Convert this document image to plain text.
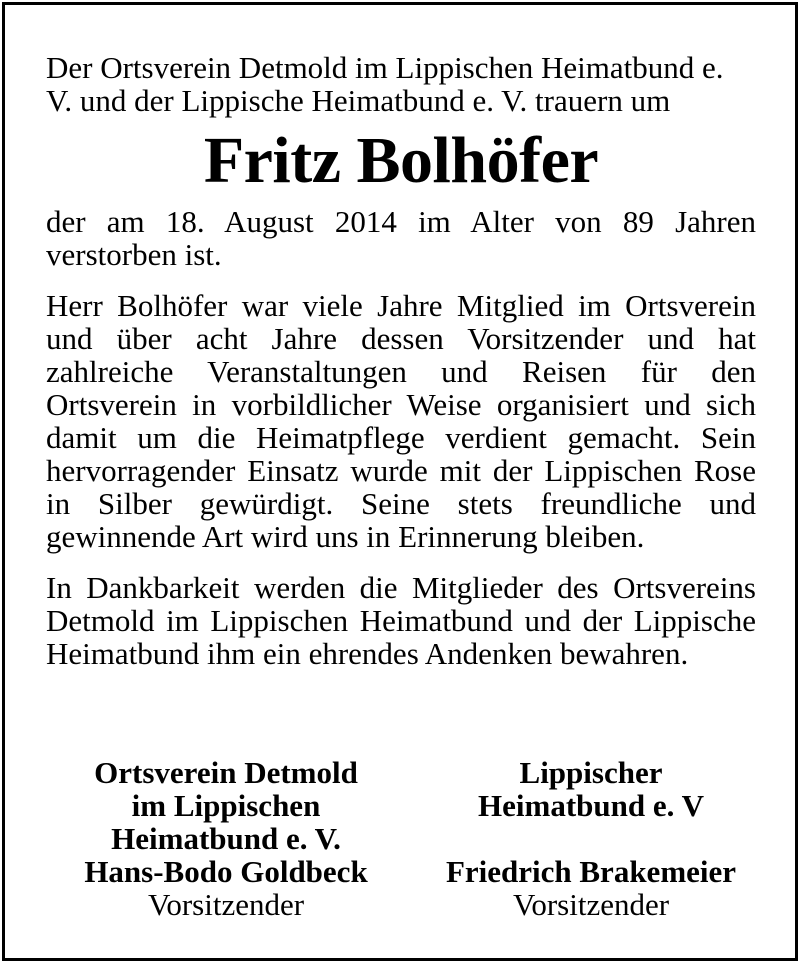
Der Ortsverein Detmold im Lippischen Heimatbund e. V. und der Lippische Heimatbund e. V. trauern um

Fritz Bolhöfer

der am 18. August 2014 im Alter von 89 Jahren verstorben ist.

Herr Bolhöfer war viele Jahre Mitglied im Ortsverein und über acht Jahre dessen Vorsitzender und hat zahlreiche Veranstaltungen und Reisen für den Ortsverein in vorbildlicher Weise organisiert und sich damit um die Heimatpflege verdient gemacht. Sein hervorragender Einsatz wurde mit der Lippischen Rose in Silber gewürdigt. Seine stets freundliche und gewinnende Art wird uns in Erinnerung bleiben.

In Dankbarkeit werden die Mitglieder des Ortsvereins Detmold im Lippischen Heimatbund und der Lippische Heimatbund ihm ein ehrendes Andenken bewahren.

Ortsverein Detmold
im Lippischen
Heimatbund e. V.
Hans-Bodo Goldbeck
Vorsitzender
Lippischer
Heimatbund e. V
Friedrich Brakemeier
Vorsitzender
